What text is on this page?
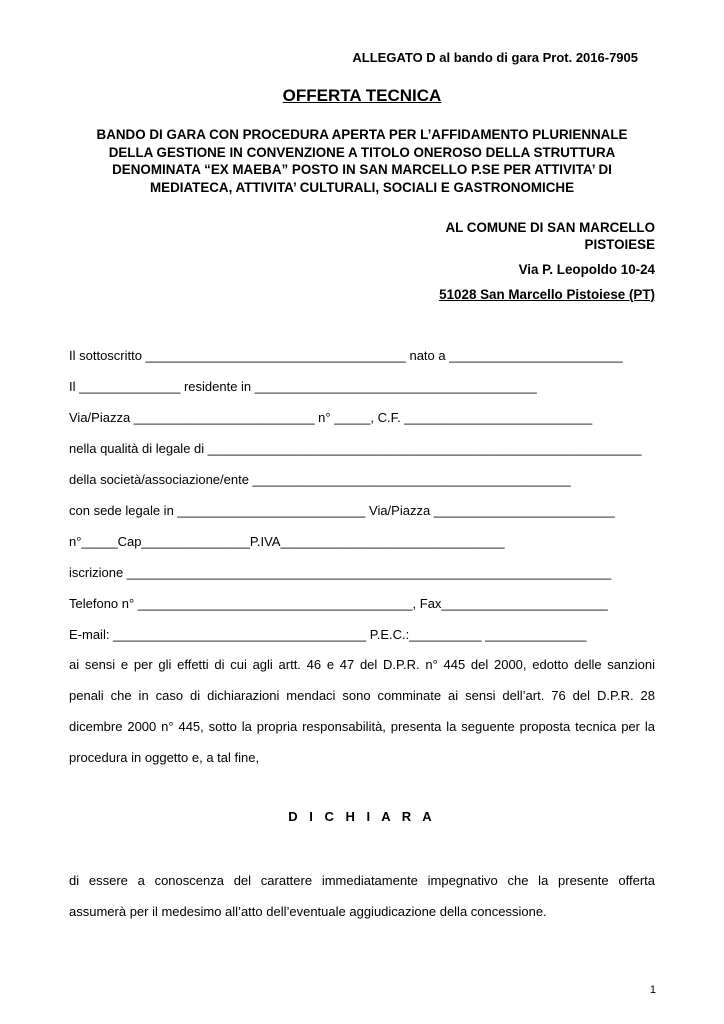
ALLEGATO D al bando di gara Prot. 2016-7905
OFFERTA TECNICA
BANDO DI GARA CON PROCEDURA APERTA PER L’AFFIDAMENTO PLURIENNALE
DELLA GESTIONE IN CONVENZIONE A TITOLO ONEROSO DELLA STRUTTURA
DENOMINATA “EX MAEBA” POSTO IN SAN MARCELLO P.SE PER ATTIVITA’ DI
MEDIATECA, ATTIVITA’ CULTURALI, SOCIALI E GASTRONOMICHE
AL COMUNE DI SAN MARCELLO
PISTOIESE
Via P. Leopoldo 10-24
51028 San Marcello Pistoiese (PT)
Il sottoscritto ____________________________________ nato a ________________________
Il ______________ residente in _______________________________________
Via/Piazza _________________________ n° _____, C.F. __________________________
nella qualità di legale di ____________________________________________________________
della società/associazione/ente ____________________________________________
con sede legale in __________________________ Via/Piazza _________________________
n°_____Cap_______________P.IVA_______________________________
iscrizione ___________________________________________________________________
Telefono n° ______________________________________, Fax_______________________
E-mail: ___________________________________ P.E.C.:__________ ______________
ai sensi e per gli effetti di cui agli artt. 46 e 47 del D.P.R. n° 445 del 2000, edotto delle sanzioni
penali che in caso di dichiarazioni mendaci sono comminate ai sensi dell’art. 76 del D.P.R. 28
dicembre 2000 n° 445, sotto la propria responsabilità, presenta la seguente proposta tecnica per la
procedura in oggetto e, a tal fine,
D I C H I A R A
di essere a conoscenza del carattere immediatamente impegnativo che la presente offerta
assumerà per il medesimo all’atto dell’eventuale aggiudicazione della concessione.
1
